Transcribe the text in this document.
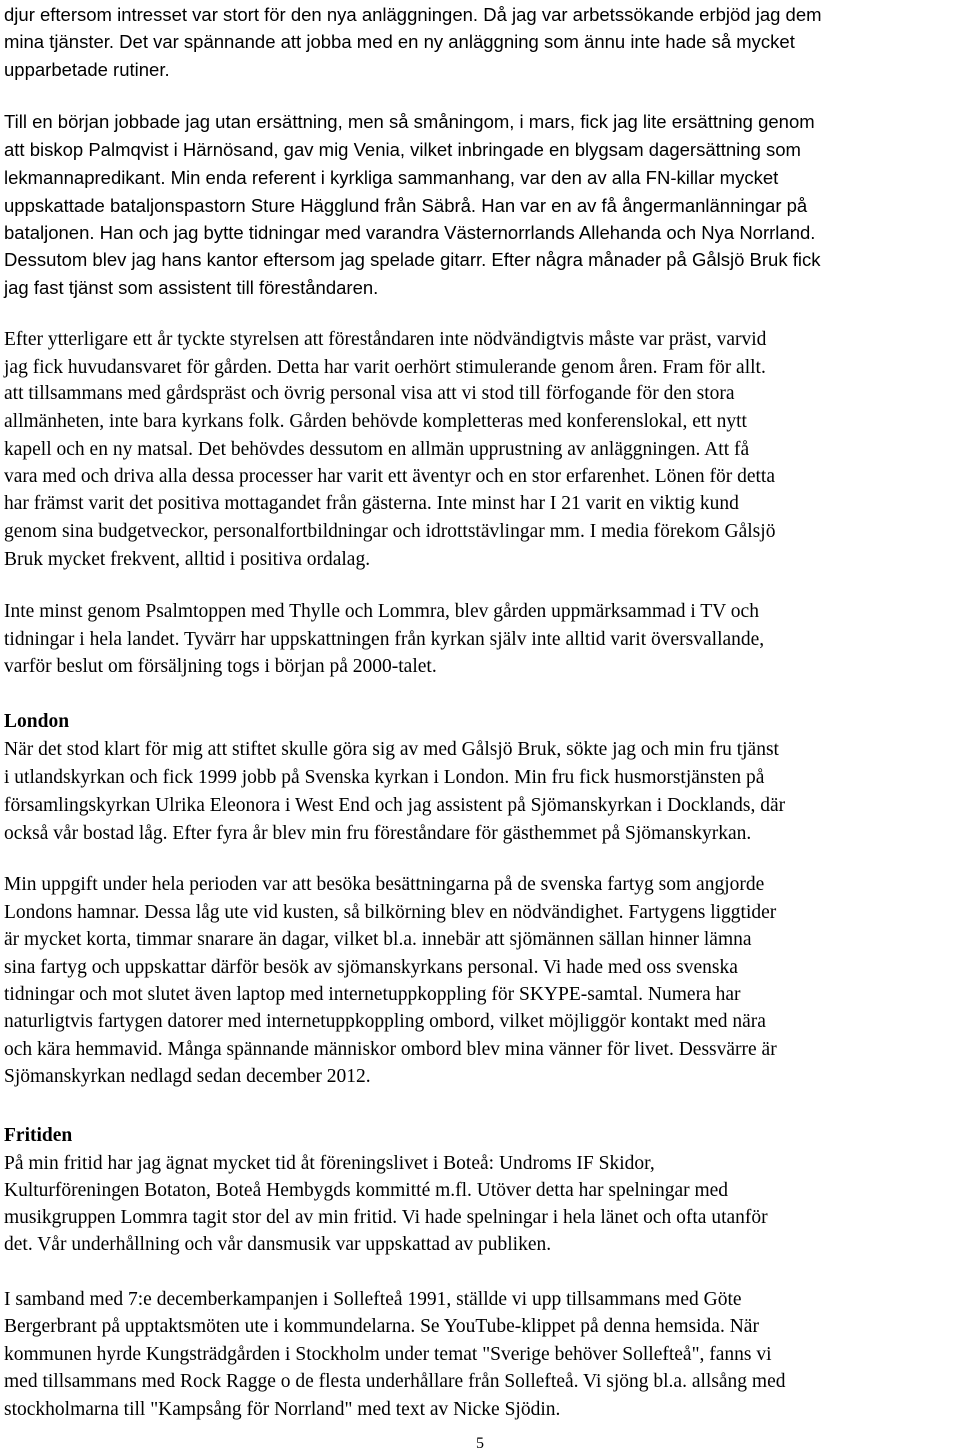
djur eftersom intresset var stort för den nya anläggningen. Då jag var arbetssökande erbjöd jag dem
mina tjänster. Det var spännande att jobba med en ny anläggning som ännu inte hade så mycket
upparbetade rutiner.
Till en början jobbade jag utan ersättning, men så småningom, i mars, fick jag lite ersättning genom
att biskop Palmqvist i Härnösand, gav mig Venia, vilket inbringade en blygsam dagersättning som
lekmannapredikant. Min enda referent i kyrkliga sammanhang, var den av alla FN-killar mycket
uppskattade bataljonspastorn Sture Hägglund från Säbrå. Han var en av få ångermanlänningar på
bataljonen. Han och jag bytte tidningar med varandra Västernorrlands Allehanda och Nya Norrland.
Dessutom blev jag hans kantor eftersom jag spelade gitarr. Efter några månader på Gålsjö Bruk fick
jag fast tjänst som assistent till föreståndaren.
Efter ytterligare ett år tyckte styrelsen att föreståndaren inte nödvändigtvis måste var präst, varvid
jag fick huvudansvaret för gården. Detta har varit oerhört stimulerande genom åren. Fram för allt.
att tillsammans med gårdspräst och övrig personal visa att vi stod till förfogande för den stora
allmänheten, inte bara kyrkans folk. Gården behövde kompletteras med konferenslokal, ett nytt
kapell och en ny matsal. Det behövdes dessutom en allmän upprustning av anläggningen. Att få
vara med och driva alla dessa processer har varit ett äventyr och en stor erfarenhet. Lönen för detta
har främst varit det positiva mottagandet från gästerna. Inte minst har I 21 varit en viktig kund
genom sina budgetveckor, personalfortbildningar och idrottstävlingar mm. I media förekom Gålsjö
Bruk mycket frekvent, alltid i positiva ordalag.
Inte minst genom Psalmtoppen med Thylle och Lommra, blev gården uppmärksammad i TV och
tidningar i hela landet. Tyvärr har uppskattningen från kyrkan själv inte alltid varit översvallande,
varför beslut om försäljning togs i början på 2000-talet.
London
När det stod klart för mig att stiftet skulle göra sig av med Gålsjö Bruk, sökte jag och min fru tjänst
i utlandskyrkan och fick 1999 jobb på Svenska kyrkan i London. Min fru fick husmorstjänsten på
församlingskyrkan Ulrika Eleonora i West End och jag assistent på Sjömanskyrkan i Docklands, där
också vår bostad låg. Efter fyra år blev min fru föreståndare för gästhemmet på Sjömanskyrkan.
Min uppgift under hela perioden var att besöka besättningarna på de svenska fartyg som angjorde
Londons hamnar. Dessa låg ute vid kusten, så bilkörning blev en nödvändighet. Fartygens liggtider
är mycket korta, timmar snarare än dagar, vilket bl.a. innebär att sjömännen sällan hinner lämna
sina fartyg och uppskattar därför besök av sjömanskyrkans personal. Vi hade med oss svenska
tidningar och mot slutet även laptop med internetuppkoppling för SKYPE-samtal. Numera har
naturligtvis fartygen datorer med internetuppkoppling ombord, vilket möjliggör kontakt med nära
och kära hemmavid. Många spännande människor ombord blev mina vänner för livet. Dessvärre är
Sjömanskyrkan nedlagd sedan december 2012.
Fritiden
På min fritid har jag ägnat mycket tid åt föreningslivet i Boteå: Undroms IF Skidor,
Kulturföreningen Botaton, Boteå Hembygds kommitté m.fl. Utöver detta har spelningar med
musikgruppen Lommra tagit stor del av min fritid. Vi hade spelningar i hela länet och ofta utanför
det. Vår underhållning och vår dansmusik var uppskattad av publiken.
I samband med 7:e decemberkampanjen i Sollefteå 1991, ställde vi upp tillsammans med Göte
Bergerbrant på upptaktsmöten ute i kommundelarna. Se YouTube-klippet på denna hemsida. När
kommunen hyrde Kungsträdgården i Stockholm under temat "Sverige behöver Sollefteå", fanns vi
med tillsammans med Rock Ragge o de flesta underhållare från Sollefteå. Vi sjöng bl.a. allsång med
stockholmarna till "Kampsång för Norrland" med text av Nicke Sjödin.
5
